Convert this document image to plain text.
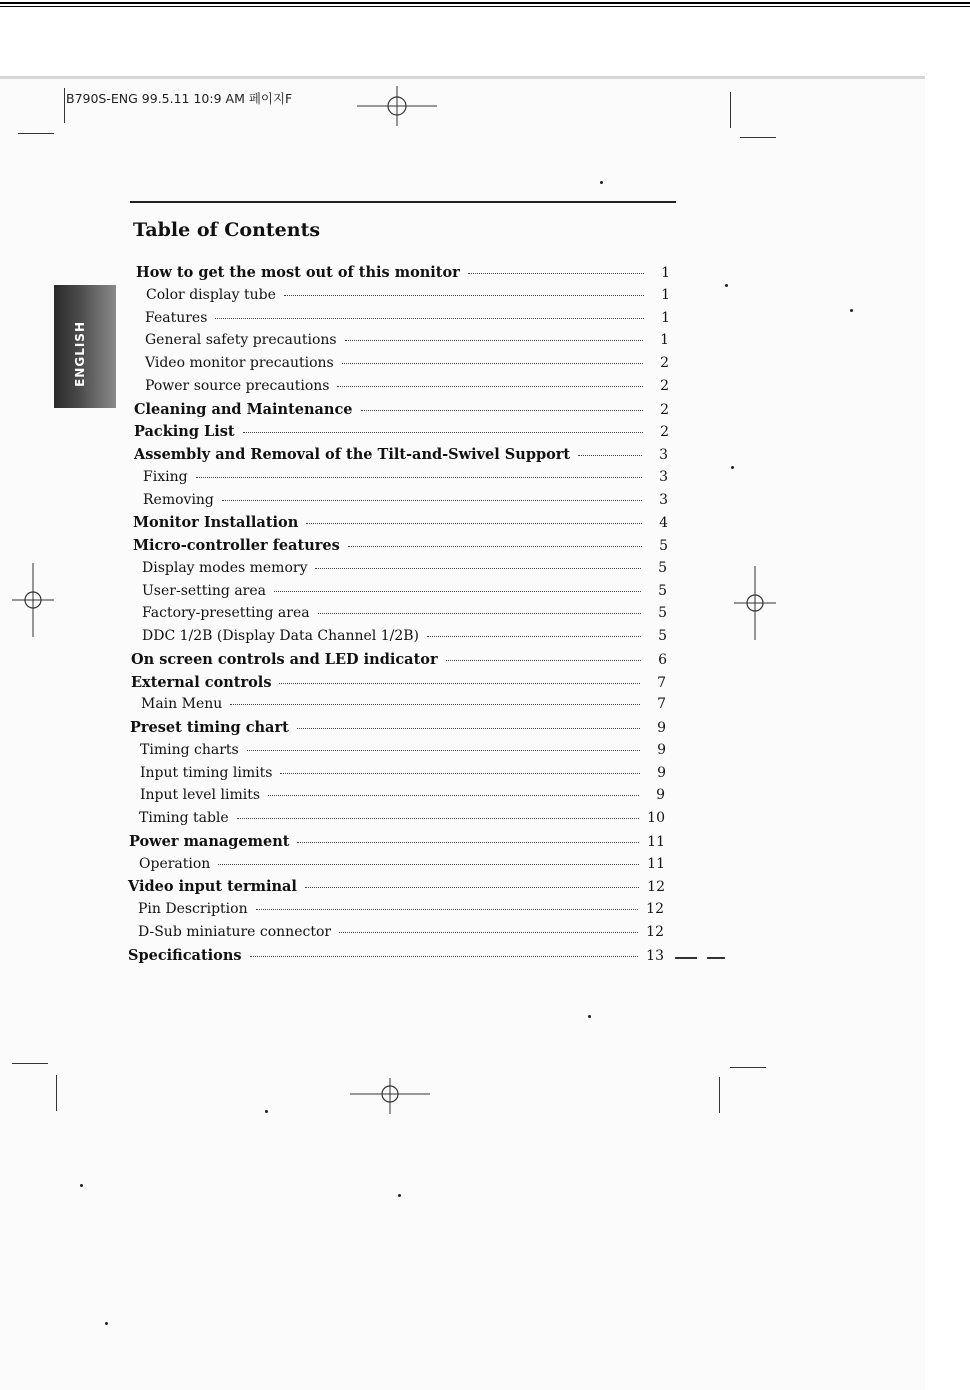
B790S-ENG 99.5.11 10:9 AM 페이지F
Table of Contents
ENGLISH
How to get the most out of this monitor	1
Color display tube	1
Features	1
General safety precautions	1
Video monitor precautions	2
Power source precautions	2
Cleaning and Maintenance	2
Packing List	2
Assembly and Removal of the Tilt-and-Swivel Support	3
Fixing	3
Removing	3
Monitor Installation	4
Micro-controller features	5
Display modes memory	5
User-setting area	5
Factory-presetting area	5
DDC 1/2B (Display Data Channel 1/2B)	5
On screen controls and LED indicator	6
External controls	7
Main Menu	7
Preset timing chart	9
Timing charts	9
Input timing limits	9
Input level limits	9
Timing table	10
Power management	11
Operation	11
Video input terminal	12
Pin Description	12
D-Sub miniature connector	12
Specifications	13
